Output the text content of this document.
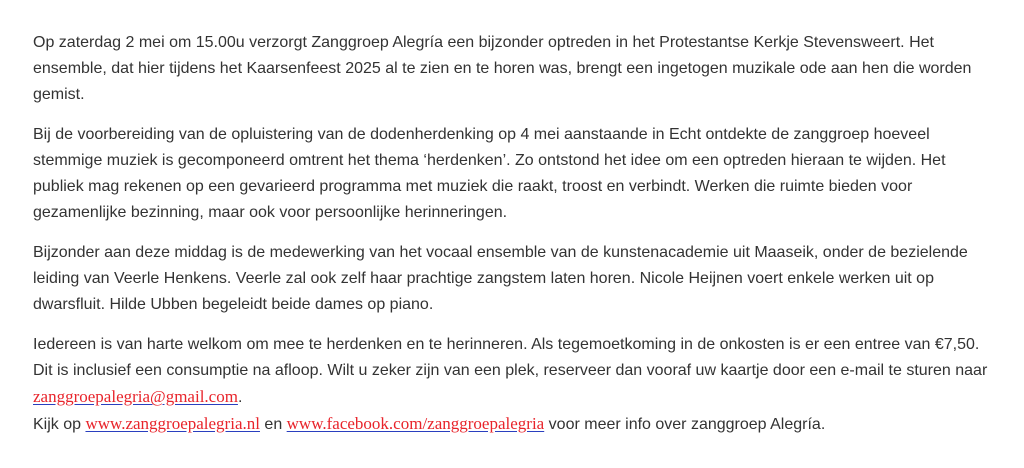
Op zaterdag 2 mei om 15.00u verzorgt Zanggroep Alegría een bijzonder optreden in het Protestantse Kerkje Stevensweert. Het ensemble, dat hier tijdens het Kaarsenfeest 2025 al te zien en te horen was, brengt een ingetogen muzikale ode aan hen die worden gemist.

Bij de voorbereiding van de opluistering van de dodenherdenking op 4 mei aanstaande in Echt ontdekte de zanggroep hoeveel stemmige muziek is gecomponeerd omtrent het thema ‘herdenken’. Zo ontstond het idee om een optreden hieraan te wijden. Het publiek mag rekenen op een gevarieerd programma met muziek die raakt, troost en verbindt. Werken die ruimte bieden voor gezamenlijke bezinning, maar ook voor persoonlijke herinneringen.

Bijzonder aan deze middag is de medewerking van het vocaal ensemble van de kunstenacademie uit Maaseik, onder de bezielende leiding van Veerle Henkens. Veerle zal ook zelf haar prachtige zangstem laten horen. Nicole Heijnen voert enkele werken uit op dwarsfluit. Hilde Ubben begeleidt beide dames op piano.

Iedereen is van harte welkom om mee te herdenken en te herinneren. Als tegemoetkoming in de onkosten is er een entree van €7,50. Dit is inclusief een consumptie na afloop. Wilt u zeker zijn van een plek, reserveer dan vooraf uw kaartje door een e-mail te sturen naar zanggroepalegria@gmail.com.
Kijk op www.zanggroepalegria.nl en www.facebook.com/zanggroepalegria voor meer info over zanggroep Alegría.
